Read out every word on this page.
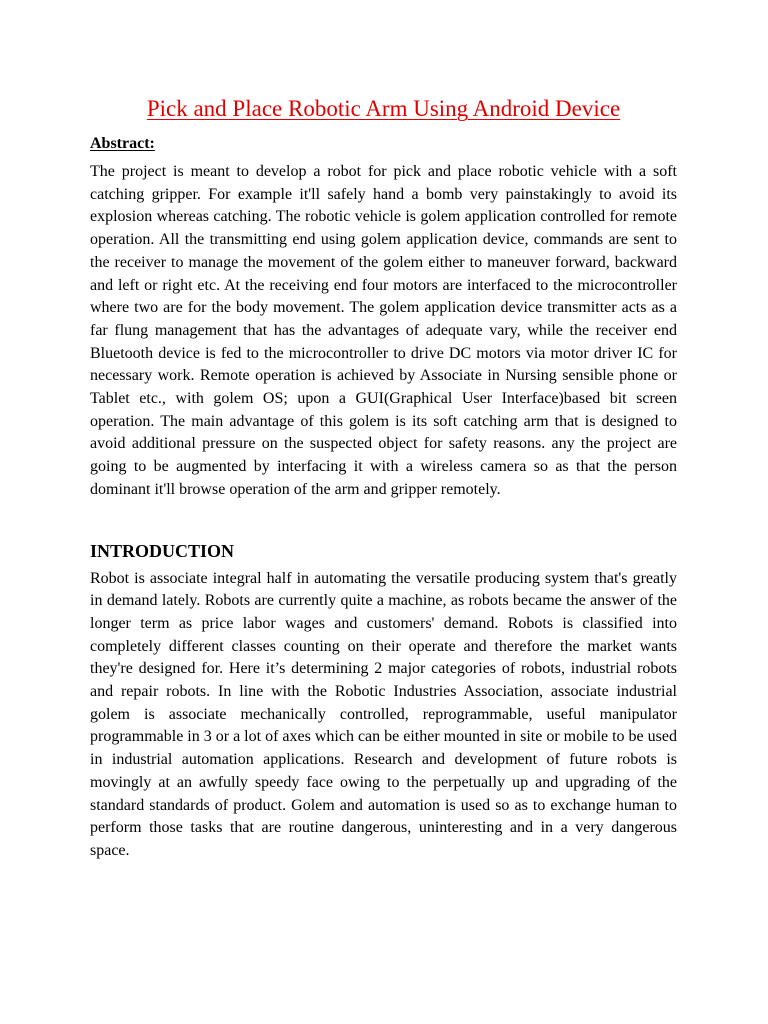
Pick and Place Robotic Arm Using Android Device
Abstract:

The project is meant to develop a robot for pick and place robotic vehicle with a soft catching gripper. For example it'll safely hand a bomb very painstakingly to avoid its explosion whereas catching. The robotic vehicle is golem application controlled for remote operation. All the transmitting end using golem application device, commands are sent to the receiver to manage the movement of the golem either to maneuver forward, backward and left or right etc. At the receiving end four motors are interfaced to the microcontroller where two are for the body movement. The golem application device transmitter acts as a far flung management that has the advantages of adequate vary, while the receiver end Bluetooth device is fed to the microcontroller to drive DC motors via motor driver IC for necessary work. Remote operation is achieved by Associate in Nursing sensible phone or Tablet etc., with golem OS; upon a GUI(Graphical User Interface)based bit screen operation. The main advantage of this golem is its soft catching arm that is designed to avoid additional pressure on the suspected object for safety reasons. any the project are going to be augmented by interfacing it with a wireless camera so as that the person dominant it'll browse operation of the arm and gripper remotely.

INTRODUCTION

Robot is associate integral half in automating the versatile producing system that's greatly in demand lately. Robots are currently quite a machine, as robots became the answer of the longer term as price labor wages and customers' demand. Robots is classified into completely different classes counting on their operate and therefore the market wants they're designed for. Here it’s determining 2 major categories of robots, industrial robots and repair robots. In line with the Robotic Industries Association, associate industrial golem is associate mechanically controlled, reprogrammable, useful manipulator programmable in 3 or a lot of axes which can be either mounted in site or mobile to be used in industrial automation applications. Research and development of future robots is movingly at an awfully speedy face owing to the perpetually up and upgrading of the standard standards of product. Golem and automation is used so as to exchange human to perform those tasks that are routine dangerous, uninteresting and in a very dangerous space.
